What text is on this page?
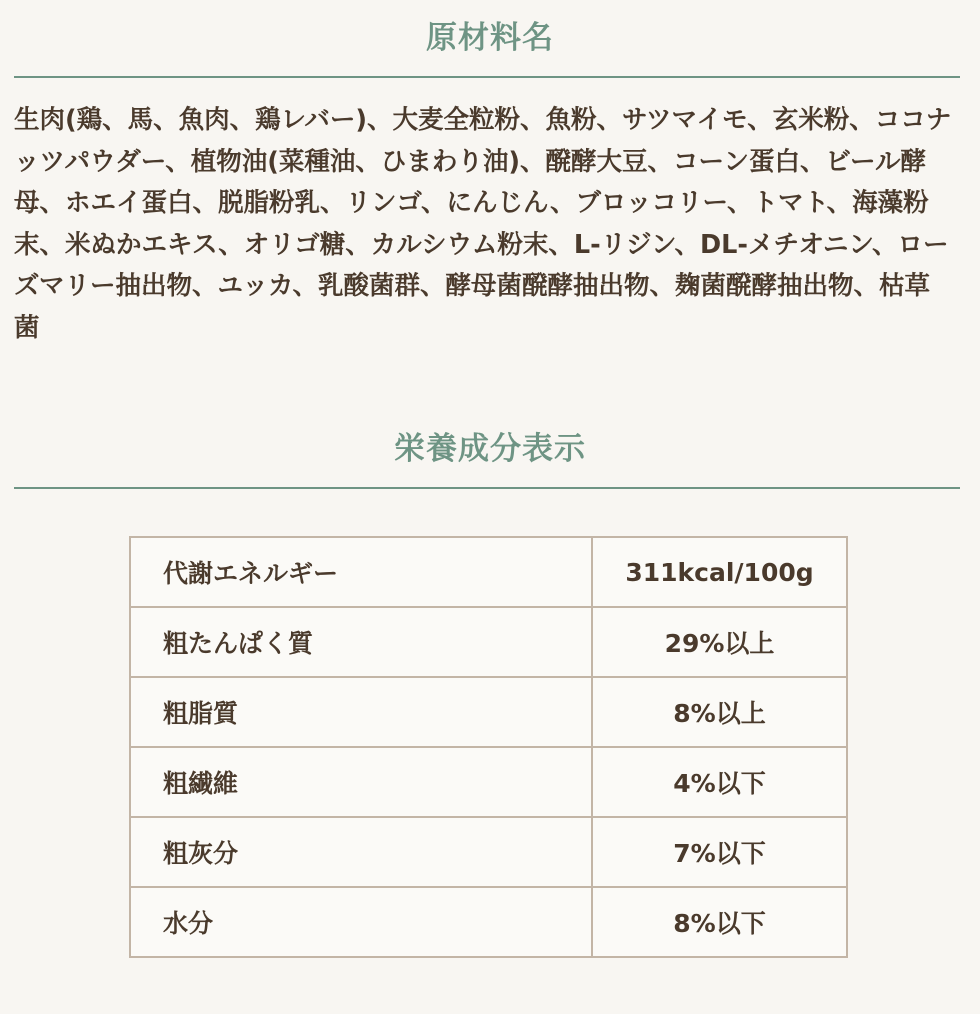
原材料名
生肉(鶏、馬、魚肉、鶏レバー)、大麦全粒粉、魚粉、サツマイモ、玄米粉、ココナッツパウダー、植物油(菜種油、ひまわり油)、醗酵大豆、コーン蛋白、ビール酵母、ホエイ蛋白、脱脂粉乳、リンゴ、にんじん、ブロッコリー、トマト、海藻粉末、米ぬかエキス、オリゴ糖、カルシウム粉末、L-リジン、DL-メチオニン、ローズマリー抽出物、ユッカ、乳酸菌群、酵母菌醗酵抽出物、麹菌醗酵抽出物、枯草菌
栄養成分表示
代謝エネルギー	311kcal/100g
粗たんぱく質	29%以上
粗脂質	8%以上
粗繊維	4%以下
粗灰分	7%以下
水分	8%以下
